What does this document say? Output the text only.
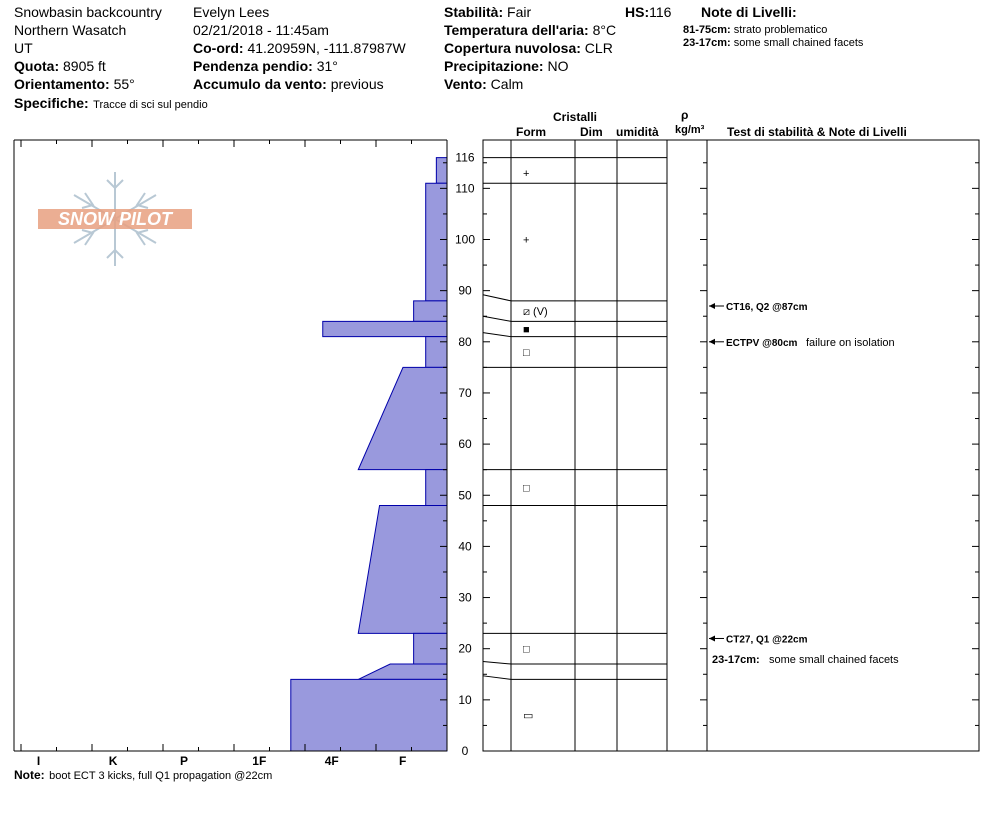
Snowbasin backcountry
Northern Wasatch
UT
Quota: 8905 ft
Orientamento: 55°
Specifiche: Tracce di sci sul pendio
Evelyn Lees
02/21/2018 - 11:45am
Co-ord: 41.20959N, -111.87987W
Pendenza pendio: 31°
Accumulo da vento: previous
Stabilità: Fair	HS:116
Temperatura dell'aria: 8°C
Copertura nuvolosa: CLR
Precipitazione: NO
Vento: Calm
Note di Livelli:
81-75cm: strato problematico
23-17cm: some small chained facets
Cristalli
Form	Dim umidità
ρ
kg/m³ Test di stabilità & Note di Livelli
SNOW PILOT
I	K	P	1F	4F	F
116
110
100
90
80
70
60
50
40
30
20
10
0
+
+
⧄ (V)
■
□
□
□
▭
CT16, Q2 @87cm
ECTPV @80cm failure on isolation
CT27, Q1 @22cm
23-17cm: some small chained facets
Note: boot ECT 3 kicks, full Q1 propagation @22cm
